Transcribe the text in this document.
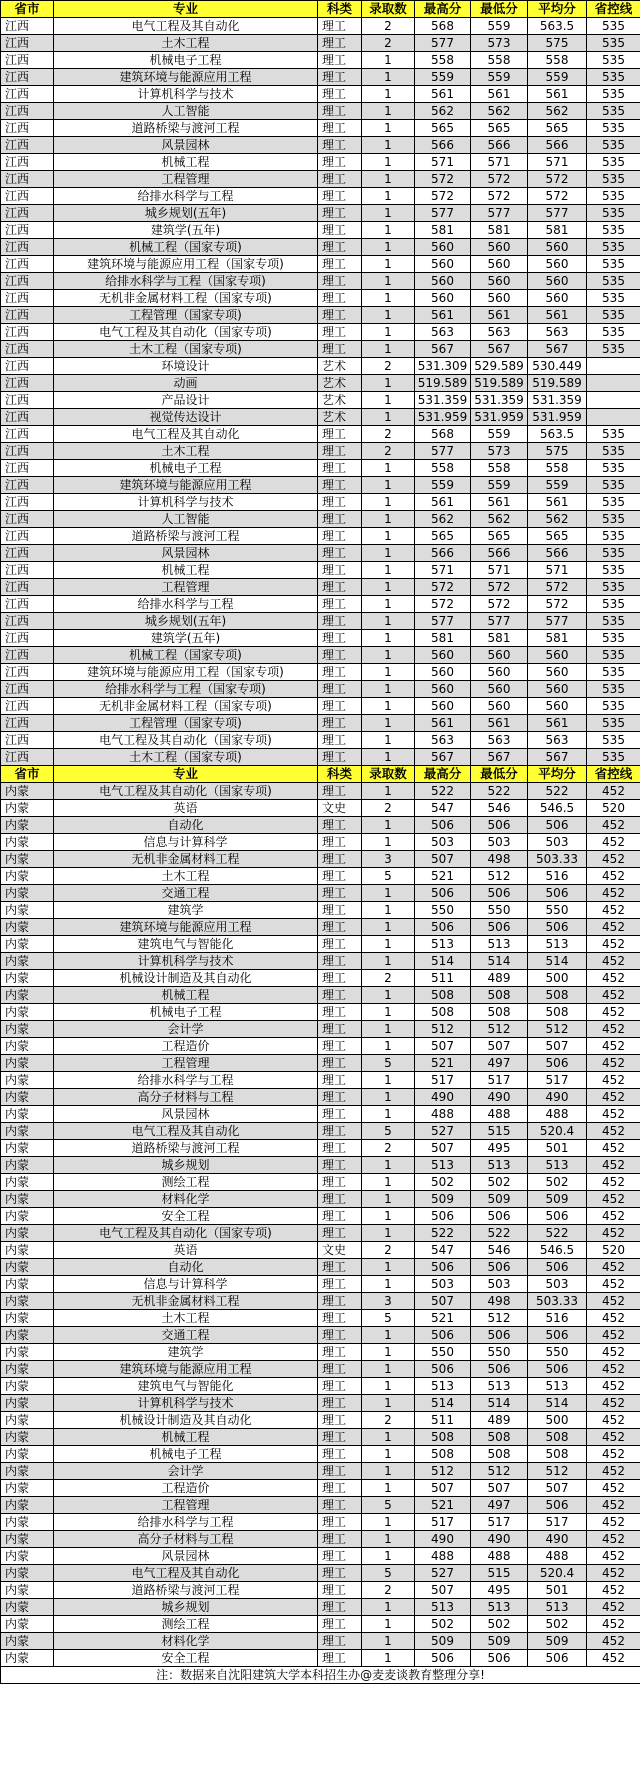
省市	专业	科类	录取数	最高分	最低分	平均分	省控线
江西	电气工程及其自动化	理工	2	568	559	563.5	535
江西	土木工程	理工	2	577	573	575	535
江西	机械电子工程	理工	1	558	558	558	535
江西	建筑环境与能源应用工程	理工	1	559	559	559	535
江西	计算机科学与技术	理工	1	561	561	561	535
江西	人工智能	理工	1	562	562	562	535
江西	道路桥梁与渡河工程	理工	1	565	565	565	535
江西	风景园林	理工	1	566	566	566	535
江西	机械工程	理工	1	571	571	571	535
江西	工程管理	理工	1	572	572	572	535
江西	给排水科学与工程	理工	1	572	572	572	535
江西	城乡规划(五年)	理工	1	577	577	577	535
江西	建筑学(五年)	理工	1	581	581	581	535
江西	机械工程（国家专项)	理工	1	560	560	560	535
江西	建筑环境与能源应用工程（国家专项)	理工	1	560	560	560	535
江西	给排水科学与工程（国家专项)	理工	1	560	560	560	535
江西	无机非金属材料工程（国家专项)	理工	1	560	560	560	535
江西	工程管理（国家专项)	理工	1	561	561	561	535
江西	电气工程及其自动化（国家专项)	理工	1	563	563	563	535
江西	土木工程（国家专项)	理工	1	567	567	567	535
江西	环境设计	艺术	2	531.309	529.589	530.449	
江西	动画	艺术	1	519.589	519.589	519.589	
江西	产品设计	艺术	1	531.359	531.359	531.359	
江西	视觉传达设计	艺术	1	531.959	531.959	531.959	
江西	电气工程及其自动化	理工	2	568	559	563.5	535
江西	土木工程	理工	2	577	573	575	535
江西	机械电子工程	理工	1	558	558	558	535
江西	建筑环境与能源应用工程	理工	1	559	559	559	535
江西	计算机科学与技术	理工	1	561	561	561	535
江西	人工智能	理工	1	562	562	562	535
江西	道路桥梁与渡河工程	理工	1	565	565	565	535
江西	风景园林	理工	1	566	566	566	535
江西	机械工程	理工	1	571	571	571	535
江西	工程管理	理工	1	572	572	572	535
江西	给排水科学与工程	理工	1	572	572	572	535
江西	城乡规划(五年)	理工	1	577	577	577	535
江西	建筑学(五年)	理工	1	581	581	581	535
江西	机械工程（国家专项)	理工	1	560	560	560	535
江西	建筑环境与能源应用工程（国家专项)	理工	1	560	560	560	535
江西	给排水科学与工程（国家专项)	理工	1	560	560	560	535
江西	无机非金属材料工程（国家专项)	理工	1	560	560	560	535
江西	工程管理（国家专项)	理工	1	561	561	561	535
江西	电气工程及其自动化（国家专项)	理工	1	563	563	563	535
江西	土木工程（国家专项)	理工	1	567	567	567	535
省市	专业	科类	录取数	最高分	最低分	平均分	省控线
内蒙	电气工程及其自动化（国家专项)	理工	1	522	522	522	452
内蒙	英语	文史	2	547	546	546.5	520
内蒙	自动化	理工	1	506	506	506	452
内蒙	信息与计算科学	理工	1	503	503	503	452
内蒙	无机非金属材料工程	理工	3	507	498	503.33	452
内蒙	土木工程	理工	5	521	512	516	452
内蒙	交通工程	理工	1	506	506	506	452
内蒙	建筑学	理工	1	550	550	550	452
内蒙	建筑环境与能源应用工程	理工	1	506	506	506	452
内蒙	建筑电气与智能化	理工	1	513	513	513	452
内蒙	计算机科学与技术	理工	1	514	514	514	452
内蒙	机械设计制造及其自动化	理工	2	511	489	500	452
内蒙	机械工程	理工	1	508	508	508	452
内蒙	机械电子工程	理工	1	508	508	508	452
内蒙	会计学	理工	1	512	512	512	452
内蒙	工程造价	理工	1	507	507	507	452
内蒙	工程管理	理工	5	521	497	506	452
内蒙	给排水科学与工程	理工	1	517	517	517	452
内蒙	高分子材料与工程	理工	1	490	490	490	452
内蒙	风景园林	理工	1	488	488	488	452
内蒙	电气工程及其自动化	理工	5	527	515	520.4	452
内蒙	道路桥梁与渡河工程	理工	2	507	495	501	452
内蒙	城乡规划	理工	1	513	513	513	452
内蒙	测绘工程	理工	1	502	502	502	452
内蒙	材料化学	理工	1	509	509	509	452
内蒙	安全工程	理工	1	506	506	506	452
内蒙	电气工程及其自动化（国家专项)	理工	1	522	522	522	452
内蒙	英语	文史	2	547	546	546.5	520
内蒙	自动化	理工	1	506	506	506	452
内蒙	信息与计算科学	理工	1	503	503	503	452
内蒙	无机非金属材料工程	理工	3	507	498	503.33	452
内蒙	土木工程	理工	5	521	512	516	452
内蒙	交通工程	理工	1	506	506	506	452
内蒙	建筑学	理工	1	550	550	550	452
内蒙	建筑环境与能源应用工程	理工	1	506	506	506	452
内蒙	建筑电气与智能化	理工	1	513	513	513	452
内蒙	计算机科学与技术	理工	1	514	514	514	452
内蒙	机械设计制造及其自动化	理工	2	511	489	500	452
内蒙	机械工程	理工	1	508	508	508	452
内蒙	机械电子工程	理工	1	508	508	508	452
内蒙	会计学	理工	1	512	512	512	452
内蒙	工程造价	理工	1	507	507	507	452
内蒙	工程管理	理工	5	521	497	506	452
内蒙	给排水科学与工程	理工	1	517	517	517	452
内蒙	高分子材料与工程	理工	1	490	490	490	452
内蒙	风景园林	理工	1	488	488	488	452
内蒙	电气工程及其自动化	理工	5	527	515	520.4	452
内蒙	道路桥梁与渡河工程	理工	2	507	495	501	452
内蒙	城乡规划	理工	1	513	513	513	452
内蒙	测绘工程	理工	1	502	502	502	452
内蒙	材料化学	理工	1	509	509	509	452
内蒙	安全工程	理工	1	506	506	506	452
注：数据来自沈阳建筑大学本科招生办@麦麦谈教育整理分享!							
